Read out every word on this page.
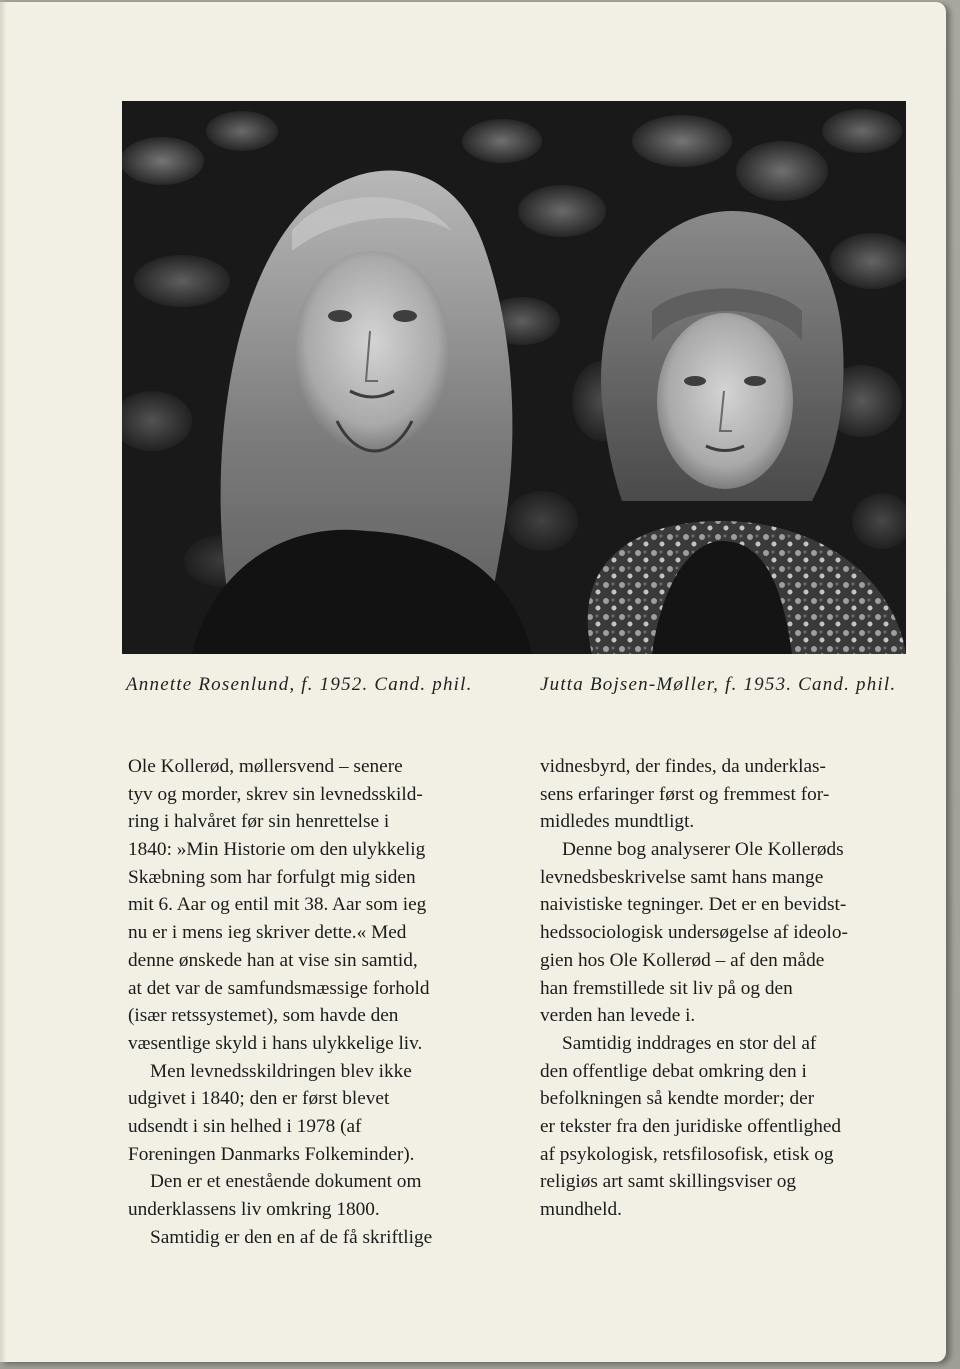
Annette Rosenlund, f. 1952. Cand. phil.	Jutta Bojsen-Møller, f. 1953. Cand. phil.
Ole Kollerød, møllersvend – senere
tyv og morder, skrev sin levnedsskild-
ring i halvåret før sin henrettelse i
1840: »Min Historie om den ulykkelig
Skæbning som har forfulgt mig siden
mit 6. Aar og entil mit 38. Aar som ieg
nu er i mens ieg skriver dette.« Med
denne ønskede han at vise sin samtid,
at det var de samfundsmæssige forhold
(især retssystemet), som havde den
væsentlige skyld i hans ulykkelige liv.
Men levnedsskildringen blev ikke
udgivet i 1840; den er først blevet
udsendt i sin helhed i 1978 (af
Foreningen Danmarks Folkeminder).
Den er et enestående dokument om
underklassens liv omkring 1800.
Samtidig er den en af de få skriftlige
vidnesbyrd, der findes, da underklas-
sens erfaringer først og fremmest for-
midledes mundtligt.
Denne bog analyserer Ole Kollerøds
levnedsbeskrivelse samt hans mange
naivistiske tegninger. Det er en bevidst-
hedssociologisk undersøgelse af ideolo-
gien hos Ole Kollerød – af den måde
han fremstillede sit liv på og den
verden han levede i.
Samtidig inddrages en stor del af
den offentlige debat omkring den i
befolkningen så kendte morder; der
er tekster fra den juridiske offentlighed
af psykologisk, retsfilosofisk, etisk og
religiøs art samt skillingsviser og
mundheld.
